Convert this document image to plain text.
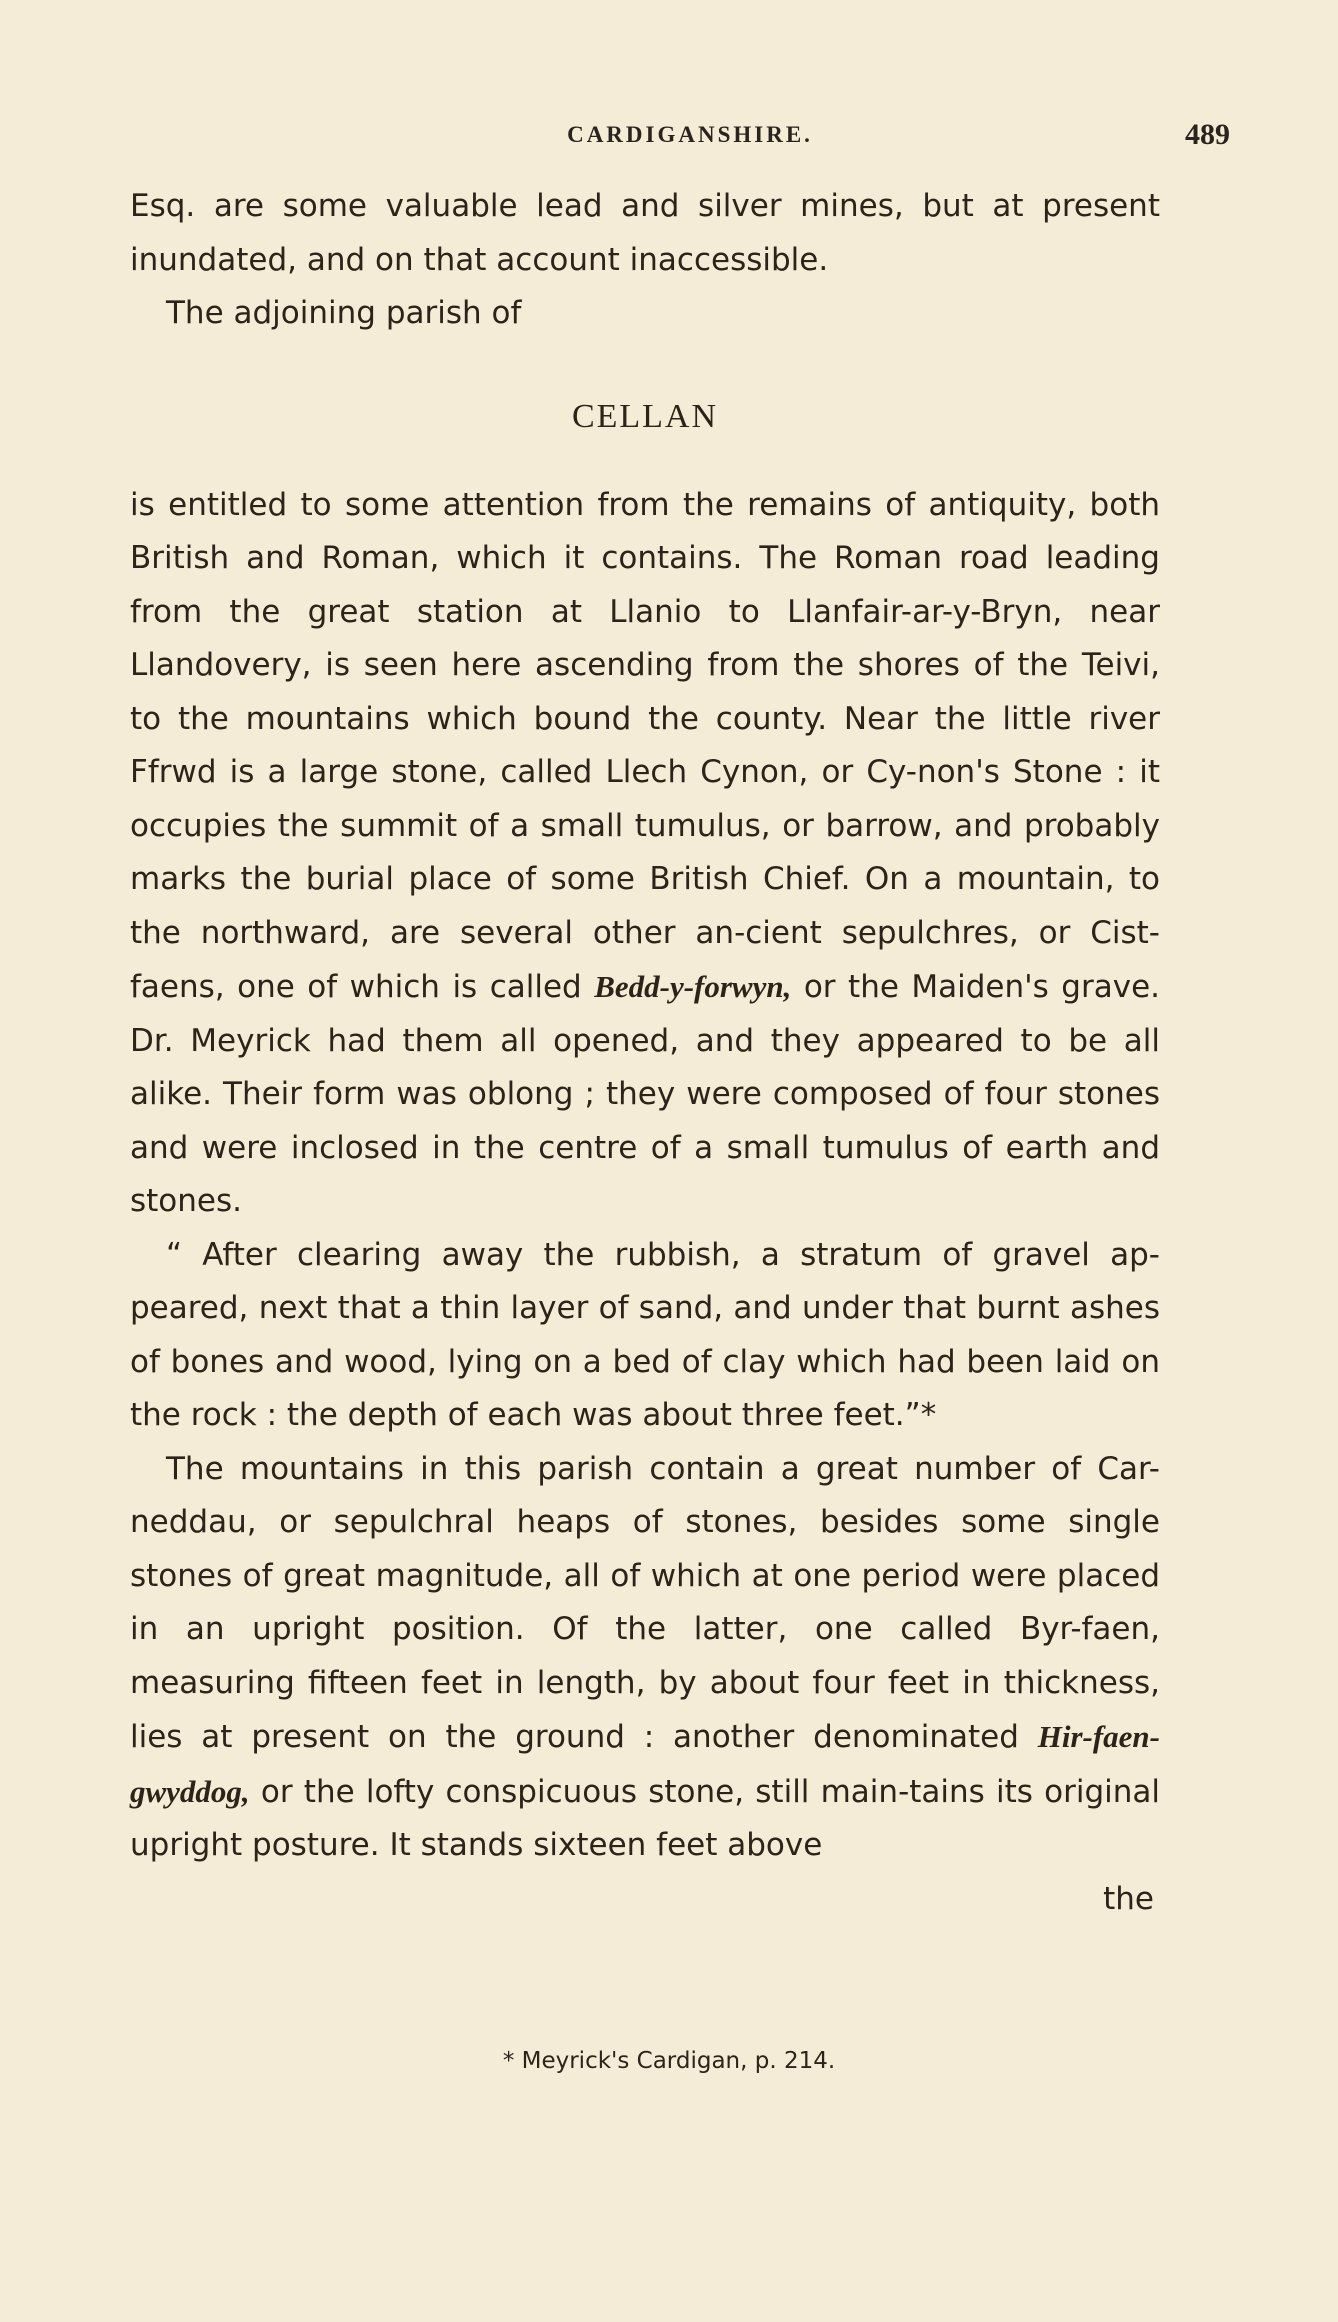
CARDIGANSHIRE.	489

Esq. are some valuable lead and silver mines, but at present inundated, and on that account inaccessible.

The adjoining parish of

CELLAN

is entitled to some attention from the remains of antiquity, both British and Roman, which it contains. The Roman road leading from the great station at Llanio to Llanfair-ar-y-Bryn, near Llandovery, is seen here ascending from the shores of the Teivi, to the mountains which bound the county. Near the little river Ffrwd is a large stone, called Llech Cynon, or Cy-non's Stone : it occupies the summit of a small tumulus, or barrow, and probably marks the burial place of some British Chief. On a mountain, to the northward, are several other an-cient sepulchres, or Cist-faens, one of which is called Bedd-y-forwyn, or the Maiden's grave. Dr. Meyrick had them all opened, and they appeared to be all alike. Their form was oblong ; they were composed of four stones and were inclosed in the centre of a small tumulus of earth and stones.

“ After clearing away the rubbish, a stratum of gravel ap-peared, next that a thin layer of sand, and under that burnt ashes of bones and wood, lying on a bed of clay which had been laid on the rock : the depth of each was about three feet.”*

The mountains in this parish contain a great number of Car-neddau, or sepulchral heaps of stones, besides some single stones of great magnitude, all of which at one period were placed in an upright position. Of the latter, one called Byr-faen, measuring fifteen feet in length, by about four feet in thickness, lies at present on the ground : another denominated Hir-faen-gwyddog, or the lofty conspicuous stone, still main-tains its original upright posture. It stands sixteen feet above

the

* Meyrick's Cardigan, p. 214.
